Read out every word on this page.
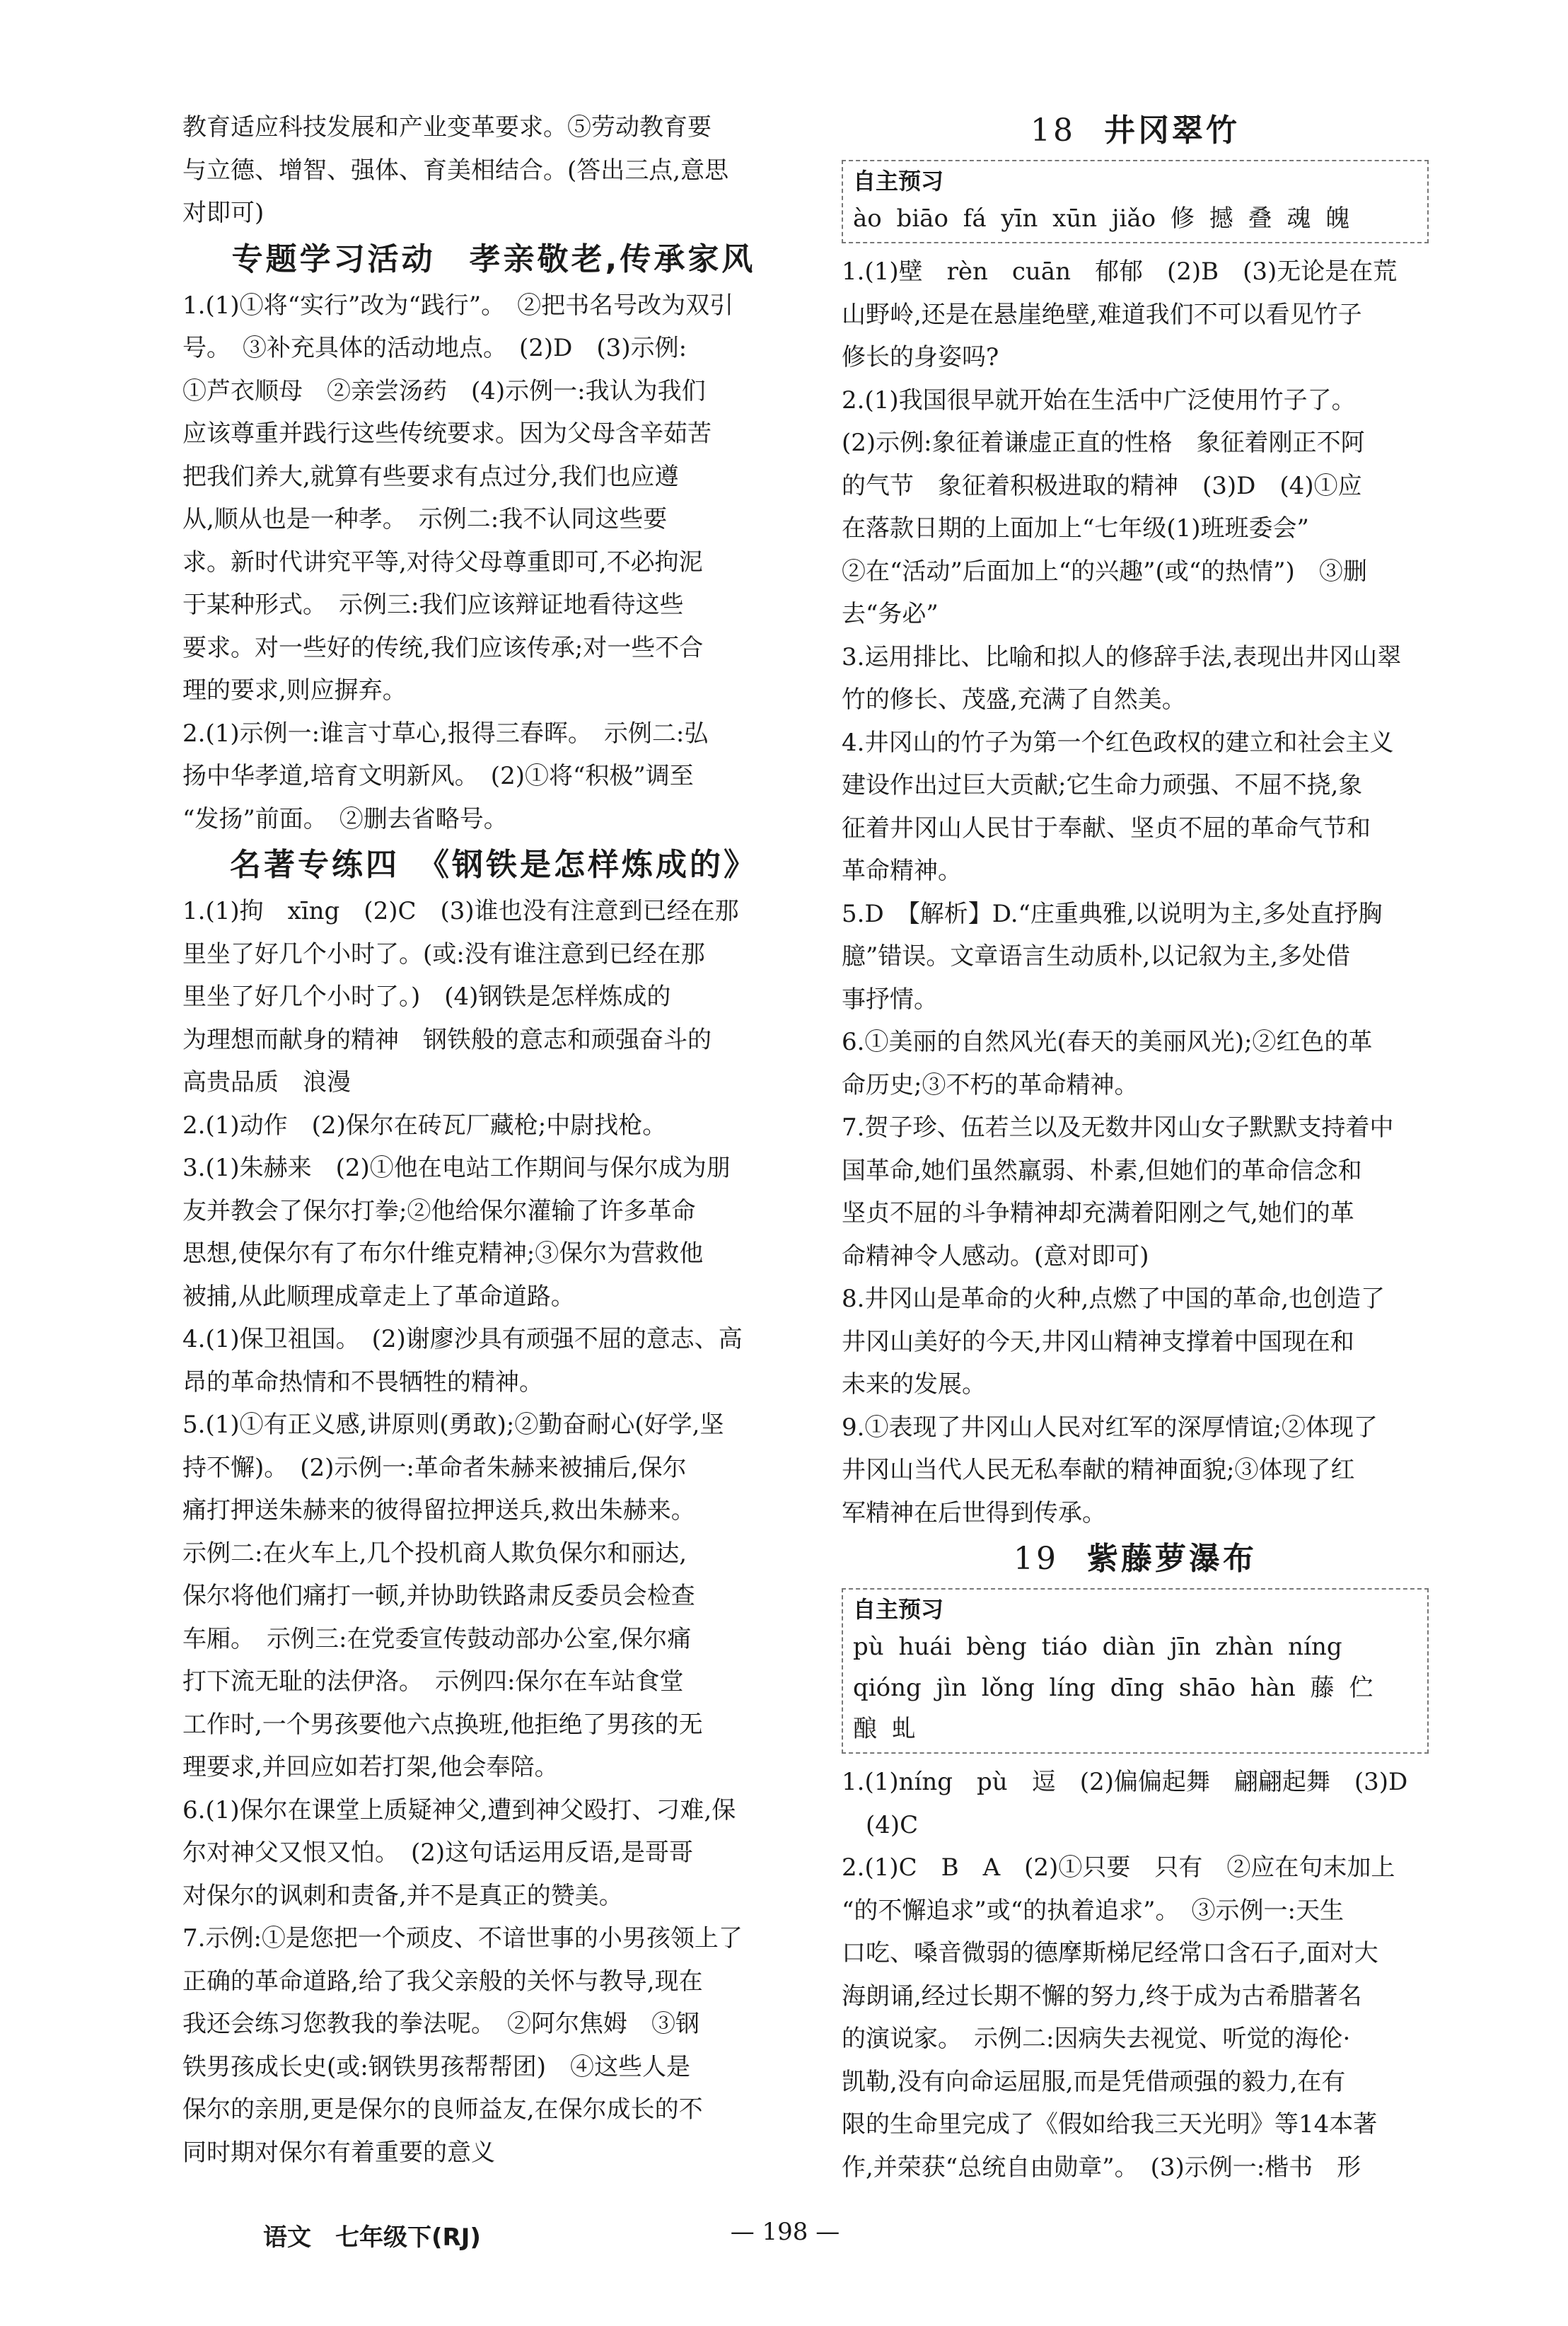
教育适应科技发展和产业变革要求。⑤劳动教育要
与立德、增智、强体、育美相结合。(答出三点,意思
对即可)
专题学习活动　孝亲敬老,传承家风
1.(1)①将“实行”改为“践行”。　②把书名号改为双引
号。　③补充具体的活动地点。　(2)D　(3)示例:
①芦衣顺母　②亲尝汤药　(4)示例一:我认为我们
应该尊重并践行这些传统要求。因为父母含辛茹苦
把我们养大,就算有些要求有点过分,我们也应遵
从,顺从也是一种孝。　示例二:我不认同这些要
求。新时代讲究平等,对待父母尊重即可,不必拘泥
于某种形式。　示例三:我们应该辩证地看待这些
要求。对一些好的传统,我们应该传承;对一些不合
理的要求,则应摒弃。
2.(1)示例一:谁言寸草心,报得三春晖。　示例二:弘
扬中华孝道,培育文明新风。　(2)①将“积极”调至
“发扬”前面。　②删去省略号。
名著专练四　《钢铁是怎样炼成的》
1.(1)拘　xīng　(2)C　(3)谁也没有注意到已经在那
里坐了好几个小时了。(或:没有谁注意到已经在那
里坐了好几个小时了。)　(4)钢铁是怎样炼成的
为理想而献身的精神　钢铁般的意志和顽强奋斗的
高贵品质　浪漫
2.(1)动作　(2)保尔在砖瓦厂藏枪;中尉找枪。
3.(1)朱赫来　(2)①他在电站工作期间与保尔成为朋
友并教会了保尔打拳;②他给保尔灌输了许多革命
思想,使保尔有了布尔什维克精神;③保尔为营救他
被捕,从此顺理成章走上了革命道路。
4.(1)保卫祖国。　(2)谢廖沙具有顽强不屈的意志、高
昂的革命热情和不畏牺牲的精神。
5.(1)①有正义感,讲原则(勇敢);②勤奋耐心(好学,坚
持不懈)。　(2)示例一:革命者朱赫来被捕后,保尔
痛打押送朱赫来的彼得留拉押送兵,救出朱赫来。
示例二:在火车上,几个投机商人欺负保尔和丽达,
保尔将他们痛打一顿,并协助铁路肃反委员会检查
车厢。　示例三:在党委宣传鼓动部办公室,保尔痛
打下流无耻的法伊洛。　示例四:保尔在车站食堂
工作时,一个男孩要他六点换班,他拒绝了男孩的无
理要求,并回应如若打架,他会奉陪。
6.(1)保尔在课堂上质疑神父,遭到神父殴打、刁难,保
尔对神父又恨又怕。　(2)这句话运用反语,是哥哥
对保尔的讽刺和责备,并不是真正的赞美。
7.示例:①是您把一个顽皮、不谙世事的小男孩领上了
正确的革命道路,给了我父亲般的关怀与教导,现在
我还会练习您教我的拳法呢。　②阿尔焦姆　③钢
铁男孩成长史(或:钢铁男孩帮帮团)　④这些人是
保尔的亲朋,更是保尔的良师益友,在保尔成长的不
同时期对保尔有着重要的意义
18 井冈翠竹
自主预习
ào biāo fá yīn xūn jiǎo 修 撼 叠 魂 魄
1.(1)壁　rèn　cuān　郁郁　(2)B　(3)无论是在荒
山野岭,还是在悬崖绝壁,难道我们不可以看见竹子
修长的身姿吗?
2.(1)我国很早就开始在生活中广泛使用竹子了。
(2)示例:象征着谦虚正直的性格　象征着刚正不阿
的气节　象征着积极进取的精神　(3)D　(4)①应
在落款日期的上面加上“七年级(1)班班委会”
②在“活动”后面加上“的兴趣”(或“的热情”)　③删
去“务必”
3.运用排比、比喻和拟人的修辞手法,表现出井冈山翠
竹的修长、茂盛,充满了自然美。
4.井冈山的竹子为第一个红色政权的建立和社会主义
建设作出过巨大贡献;它生命力顽强、不屈不挠,象
征着井冈山人民甘于奉献、坚贞不屈的革命气节和
革命精神。
5.D　【解析】D.“庄重典雅,以说明为主,多处直抒胸
臆”错误。文章语言生动质朴,以记叙为主,多处借
事抒情。
6.①美丽的自然风光(春天的美丽风光);②红色的革
命历史;③不朽的革命精神。
7.贺子珍、伍若兰以及无数井冈山女子默默支持着中
国革命,她们虽然羸弱、朴素,但她们的革命信念和
坚贞不屈的斗争精神却充满着阳刚之气,她们的革
命精神令人感动。(意对即可)
8.井冈山是革命的火种,点燃了中国的革命,也创造了
井冈山美好的今天,井冈山精神支撑着中国现在和
未来的发展。
9.①表现了井冈山人民对红军的深厚情谊;②体现了
井冈山当代人民无私奉献的精神面貌;③体现了红
军精神在后世得到传承。
19 紫藤萝瀑布
自主预习
pù huái bèng tiáo diàn jīn zhàn níng
qióng jìn lǒng líng dīng shāo hàn 藤 伫
酿 虬
1.(1)níng　pù　逗　(2)偏偏起舞　翩翩起舞　(3)D
　(4)C
2.(1)C　B　A　(2)①只要　只有　②应在句末加上
“的不懈追求”或“的执着追求”。　③示例一:天生
口吃、嗓音微弱的德摩斯梯尼经常口含石子,面对大
海朗诵,经过长期不懈的努力,终于成为古希腊著名
的演说家。　示例二:因病失去视觉、听觉的海伦·
凯勒,没有向命运屈服,而是凭借顽强的毅力,在有
限的生命里完成了《假如给我三天光明》等14本著
作,并荣获“总统自由勋章”。　(3)示例一:楷书　形
语文　七年级下(RJ)	— 198 —
